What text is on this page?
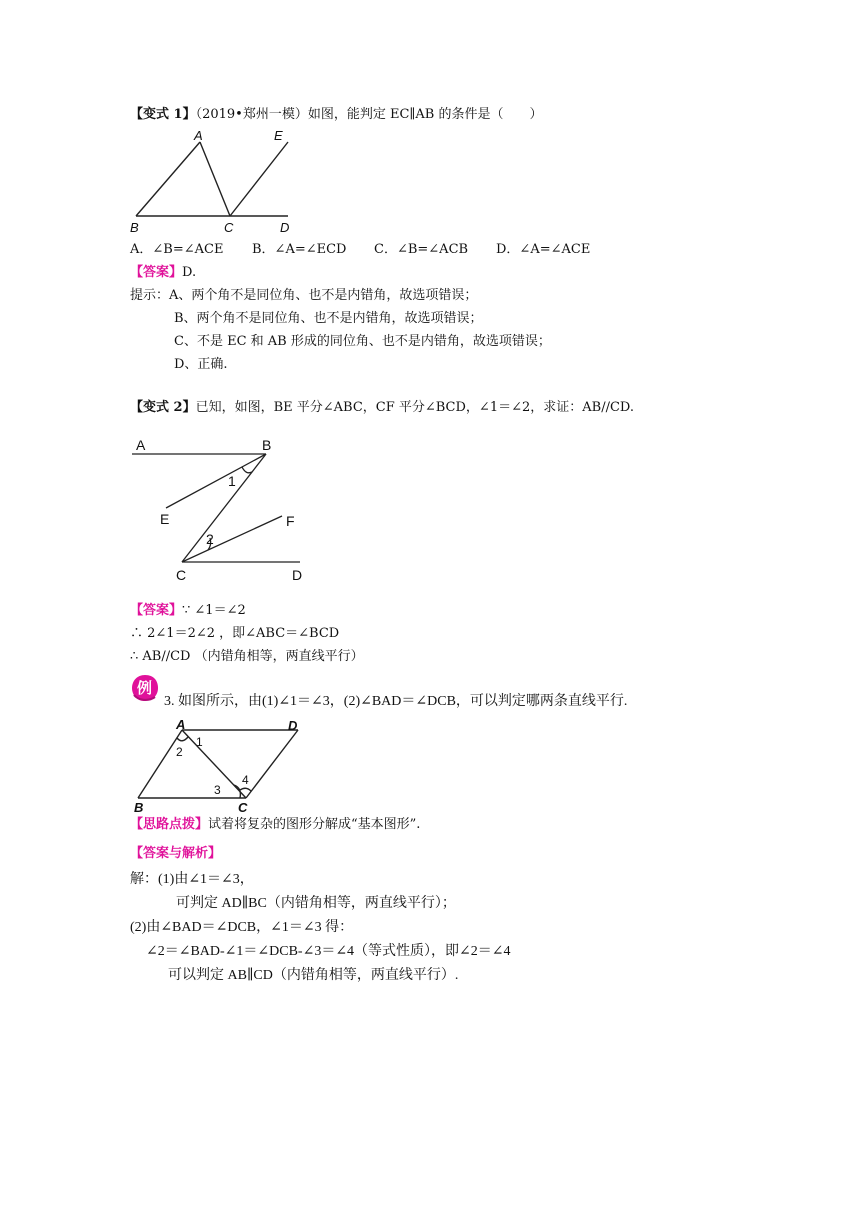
【变式 1】（2019•郑州一模）如图，能判定 EC∥AB 的条件是（　　）
A	E
B	C	D
A．∠B=∠ACE B．∠A=∠ECD C．∠B=∠ACB D．∠A=∠ACE
【答案】D.
提示：A、两个角不是同位角、也不是内错角，故选项错误；
B、两个角不是同位角、也不是内错角，故选项错误；
C、不是 EC 和 AB 形成的同位角、也不是内错角，故选项错误；
D、正确.
【变式 2】已知，如图，BE 平分∠ABC，CF 平分∠BCD，∠1＝∠2，求证：AB//CD.
A	B
E	F
C	D
1
2
【答案】∵ ∠1＝∠2
∴ 2∠1＝2∠2 ，即∠ABC＝∠BCD
∴ AB//CD （内错角相等，两直线平行）
例
3. 如图所示，由(1)∠1＝∠3，(2)∠BAD＝∠DCB，可以判定哪两条直线平行.
A	D
B	C
1
2
3
4
【思路点拨】试着将复杂的图形分解成“基本图形”.
【答案与解析】
解：(1)由∠1＝∠3，
可判定 AD∥BC（内错角相等，两直线平行）；
(2)由∠BAD＝∠DCB，∠1＝∠3 得：
∠2＝∠BAD-∠1＝∠DCB-∠3＝∠4（等式性质），即∠2＝∠4
可以判定 AB∥CD（内错角相等，两直线平行）.
